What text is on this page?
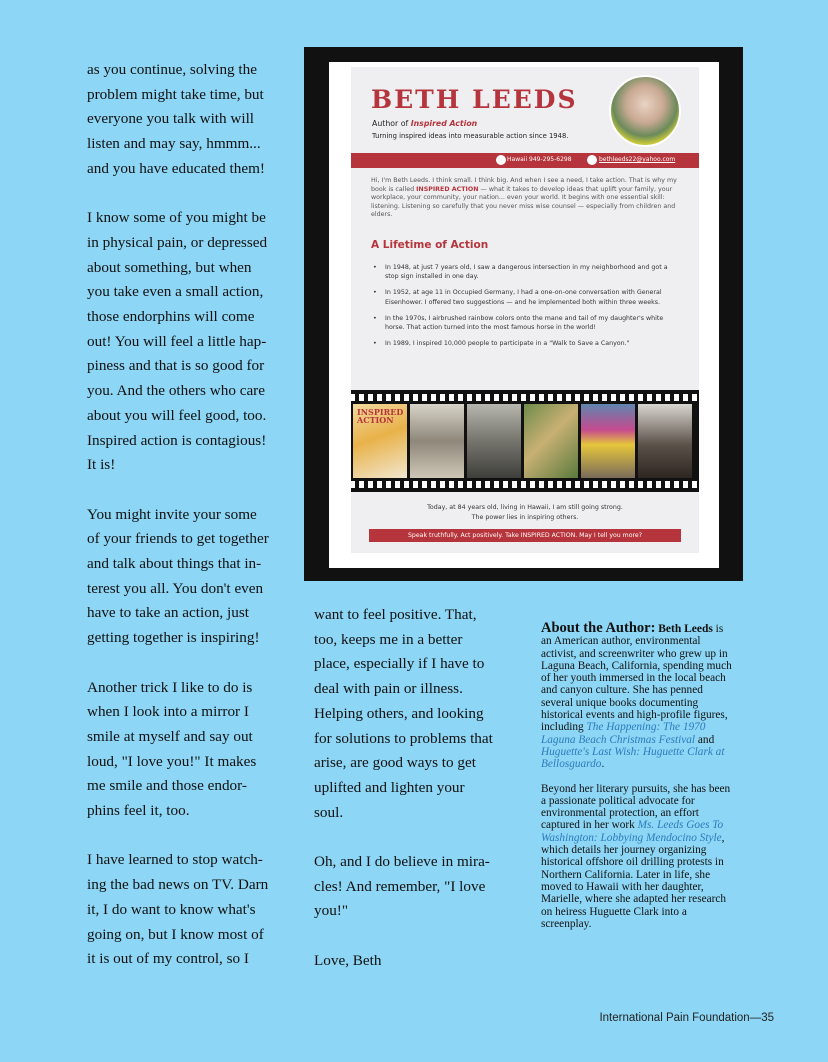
as you continue, solving the
problem might take time, but
everyone you talk with will
listen and may say, hmmm...
and you have educated them!

I know some of you might be
in physical pain, or depressed
about something, but when
you take even a small action,
those endorphins will come
out! You will feel a little hap-
piness and that is so good for
you. And the others who care
about you will feel good, too.
Inspired action is contagious!
It is!

You might invite your some
of your friends to get together
and talk about things that in-
terest you all. You don't even
have to take an action, just
getting together is inspiring!

Another trick I like to do is
when I look into a mirror I
smile at myself and say out
loud, "I love you!" It makes
me smile and those endor-
phins feel it, too.

I have learned to stop watch-
ing the bad news on TV. Darn
it, I do want to know what's
going on, but I know most of
it is out of my control, so I

BETH LEEDS
Author of Inspired Action
Turning inspired ideas into measurable action since 1948.
Hawaii 949-295-6298	bethleeds22@yahoo.com
Hi, I'm Beth Leeds. I think small. I think big. And when I see a need, I take action. That is why my book is called INSPIRED ACTION — what it takes to develop ideas that uplift your family, your workplace, your community, your nation... even your world. It begins with one essential skill: listening. Listening so carefully that you never miss wise counsel — especially from children and elders.
A Lifetime of Action
• In 1948, at just 7 years old, I saw a dangerous intersection in my neighborhood and got a stop sign installed in one day.
• In 1952, at age 11 in Occupied Germany, I had a one-on-one conversation with General Eisenhower. I offered two suggestions — and he implemented both within three weeks.
• In the 1970s, I airbrushed rainbow colors onto the mane and tail of my daughter's white horse. That action turned into the most famous horse in the world!
• In 1989, I inspired 10,000 people to participate in a "Walk to Save a Canyon."
INSPIRED
ACTION
Today, at 84 years old, living in Hawaii, I am still going strong.
The power lies in inspiring others.
Speak truthfully. Act positively. Take INSPIRED ACTION. May I tell you more?

want to feel positive. That,
too, keeps me in a better
place, especially if I have to
deal with pain or illness.
Helping others, and looking
for solutions to problems that
arise, are good ways to get
uplifted and lighten your
soul.

Oh, and I do believe in mira-
cles! And remember, "I love
you!"

Love, Beth

About the Author: Beth Leeds is an American author, environmental activist, and screenwriter who grew up in Laguna Beach, California, spending much of her youth immersed in the local beach and canyon culture. She has penned several unique books documenting historical events and high-profile figures, including The Happening: The 1970 Laguna Beach Christmas Festival and Huguette's Last Wish: Huguette Clark at Bellosguardo.

Beyond her literary pursuits, she has been a passionate political advocate for environmental protection, an effort captured in her work Ms. Leeds Goes To Washington: Lobbying Mendocino Style, which details her journey organizing historical offshore oil drilling protests in Northern California. Later in life, she moved to Hawaii with her daughter, Marielle, where she adapted her research on heiress Huguette Clark into a screenplay.

International Pain Foundation—35
